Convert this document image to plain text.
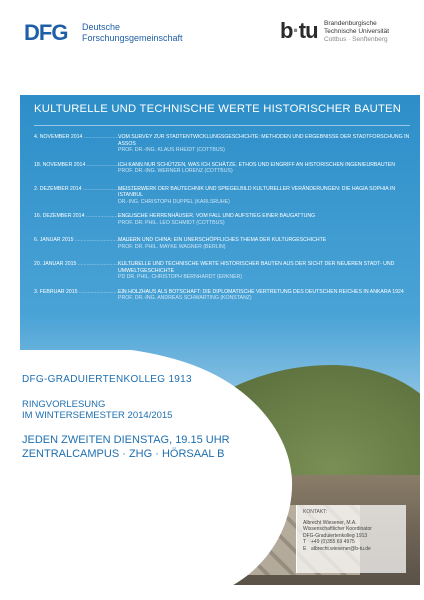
DFG Deutsche
Forschungsgemeinschaft	b·tu Brandenburgische
Technische Universität
Cottbus · Senftenberg
KULTURELLE UND TECHNISCHE WERTE HISTORISCHER BAUTEN
4. NOVEMBER 2014 .....	VOM SURVEY ZUR STADTENTWICKLUNGSGESCHICHTE: METHODEN UND ERGEBNISSE DER STADTFORSCHUNG IN ASSOS
PROF. DR.-ING. KLAUS RHEIDT (COTTBUS)
18. NOVEMBER 2014 .....	ICH KANN NUR SCHÜTZEN, WAS ICH SCHÄTZE. ETHOS UND EINGRIFF AN HISTORISCHEN INGENIEURBAUTEN
PROF. DR.-ING. WERNER LORENZ (COTTBUS)
2. DEZEMBER 2014 .....	MEISTERWERK DER BAUTECHNIK UND SPIEGELBILD KULTURELLER VERÄNDERUNGEN: DIE HAGIA SOPHIA IN ISTANBUL
DR.-ING. CHRISTOPH DUPPEL (KARLSRUHE)
16. DEZEMBER 2014 .....	ENGLISCHE HERRENHÄUSER. VOM FALL UND AUFSTIEG EINER BAUGATTUNG
PROF. DR. PHIL. LEO SCHMIDT (COTTBUS)
6. JANUAR 2015 .....	MAUERN UND CHINA: EIN UNERSCHÖPFLICHES THEMA DER KULTURGESCHICHTE
PROF. DR. PHIL. MAYKE WAGNER (BERLIN)
20. JANUAR 2015 .....	KULTURELLE UND TECHNISCHE WERTE HISTORISCHER BAUTEN AUS DER SICHT DER NEUEREN STADT- UND UMWELTGESCHICHTE
PD DR. PHIL. CHRISTOPH BERNHARDT (ERKNER)
3. FEBRUAR 2015 .....	EIN HOLZHAUS ALS BOTSCHAFT: DIE DIPLOMATISCHE VERTRETUNG DES DEUTSCHEN REICHES IN ANKARA 1924
PROF. DR.-ING. ANDREAS SCHWARTING (KONSTANZ)
DFG-GRADUIERTENKOLLEG 1913
RINGVORLESUNG
IM WINTERSEMESTER 2014/2015
JEDEN ZWEITEN DIENSTAG, 19.15 UHR
ZENTRALCAMPUS · ZHG · HÖRSAAL B
KONTAKT:
Albrecht Wiesener, M.A.
Wissenschaftlicher Koordinator
DFG-Graduiertenkolleg 1913
T +49 (0)355 69 4975
E albrecht.wiesener@b-tu.de
